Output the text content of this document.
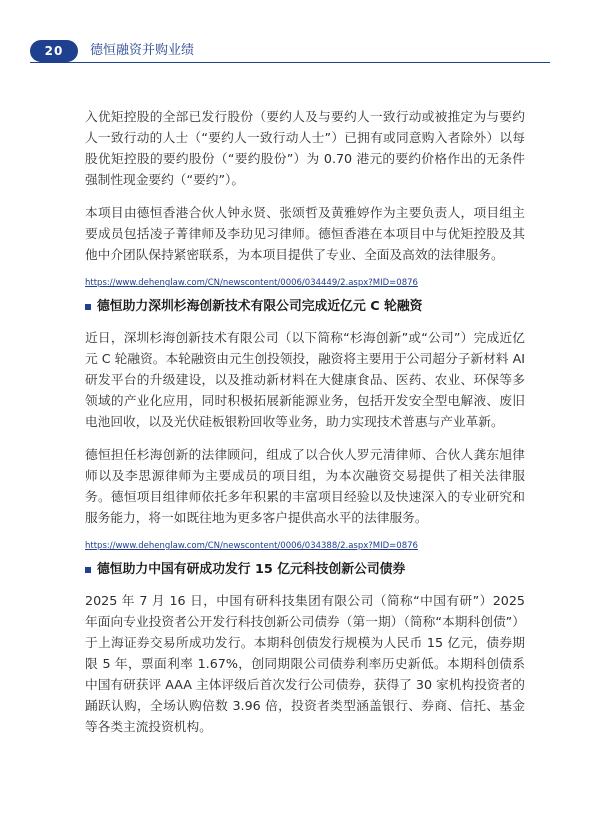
20	德恒融资并购业绩

入优矩控股的全部已发行股份（要约人及与要约人一致行动或被推定为与要约人一致行动的人士（“要约人一致行动人士”）已拥有或同意购入者除外）以每股优矩控股的要约股份（“要约股份”）为 0.70 港元的要约价格作出的无条件强制性现金要约（“要约”）。

本项目由德恒香港合伙人钟永贤、张颂哲及黄雅婷作为主要负责人，项目组主要成员包括凌子菁律师及李玏见习律师。德恒香港在本项目中与优矩控股及其他中介团队保持紧密联系，为本项目提供了专业、全面及高效的法律服务。

https://www.dehenglaw.com/CN/newscontent/0006/034449/2.aspx?MID=0876
德恒助力深圳杉海创新技术有限公司完成近亿元 C 轮融资

近日，深圳杉海创新技术有限公司（以下简称“杉海创新”或“公司”）完成近亿元 C 轮融资。本轮融资由元生创投领投，融资将主要用于公司超分子新材料 AI 研发平台的升级建设，以及推动新材料在大健康食品、医药、农业、环保等多领域的产业化应用，同时积极拓展新能源业务，包括开发安全型电解液、废旧电池回收，以及光伏硅板银粉回收等业务，助力实现技术普惠与产业革新。

德恒担任杉海创新的法律顾问，组成了以合伙人罗元清律师、合伙人龚东旭律师以及李思源律师为主要成员的项目组，为本次融资交易提供了相关法律服务。德恒项目组律师依托多年积累的丰富项目经验以及快速深入的专业研究和服务能力，将一如既往地为更多客户提供高水平的法律服务。

https://www.dehenglaw.com/CN/newscontent/0006/034388/2.aspx?MID=0876
德恒助力中国有研成功发行 15 亿元科技创新公司债券

2025 年 7 月 16 日，中国有研科技集团有限公司（简称“中国有研”）2025 年面向专业投资者公开发行科技创新公司债券（第一期）（简称“本期科创债”）于上海证券交易所成功发行。本期科创债发行规模为人民币 15 亿元，债券期限 5 年，票面利率 1.67%，创同期限公司债券利率历史新低。本期科创债系中国有研获评 AAA 主体评级后首次发行公司债券，获得了 30 家机构投资者的踊跃认购，全场认购倍数 3.96 倍，投资者类型涵盖银行、券商、信托、基金等各类主流投资机构。
